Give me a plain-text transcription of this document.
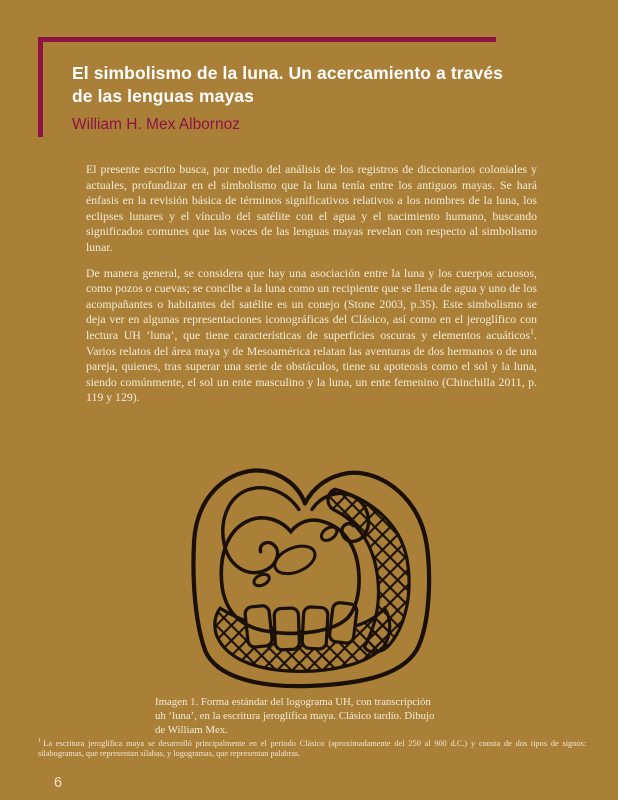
El simbolismo de la luna. Un acercamiento a través de las lenguas mayas

William H. Mex Albornoz

El presente escrito busca, por medio del análisis de los registros de diccionarios coloniales y actuales, profundizar en el simbolismo que la luna tenía entre los antiguos mayas. Se hará énfasis en la revisión básica de términos significativos relativos a los nombres de la luna, los eclipses lunares y el vínculo del satélite con el agua y el nacimiento humano, buscando significados comunes que las voces de las lenguas mayas revelan con respecto al simbolismo lunar.

De manera general, se considera que hay una asociación entre la luna y los cuerpos acuosos, como pozos o cuevas; se concibe a la luna como un recipiente que se llena de agua y uno de los acompañantes o habitantes del satélite es un conejo (Stone 2003, p.35). Este simbolismo se deja ver en algunas representaciones iconográficas del Clásico, así como en el jeroglífico con lectura UH ‘luna’, que tiene características de superficies oscuras y elementos acuáticos$^1$. Varios relatos del área maya y de Mesoamérica relatan las aventuras de dos hermanos o de una pareja, quienes, tras superar una serie de obstáculos, tiene su apoteosis como el sol y la luna, siendo comúnmente, el sol un ente masculino y la luna, un ente femenino (Chinchilla 2011, p. 119 y 129).

Imagen 1. Forma estándar del logograma UH, con transcripción uh ‘luna’, en la escritura jeroglífica maya. Clásico tardío. Dibujo de William Mex.
$^1$ La escritura jeroglífica maya se desarrolló principalmente en el periodo Clásico (aproximadamente del 250 al 900 d.C.) y consta de dos tipos de signos: silabogramas, que representan sílabas, y logogramas, que representan palabras.
6
